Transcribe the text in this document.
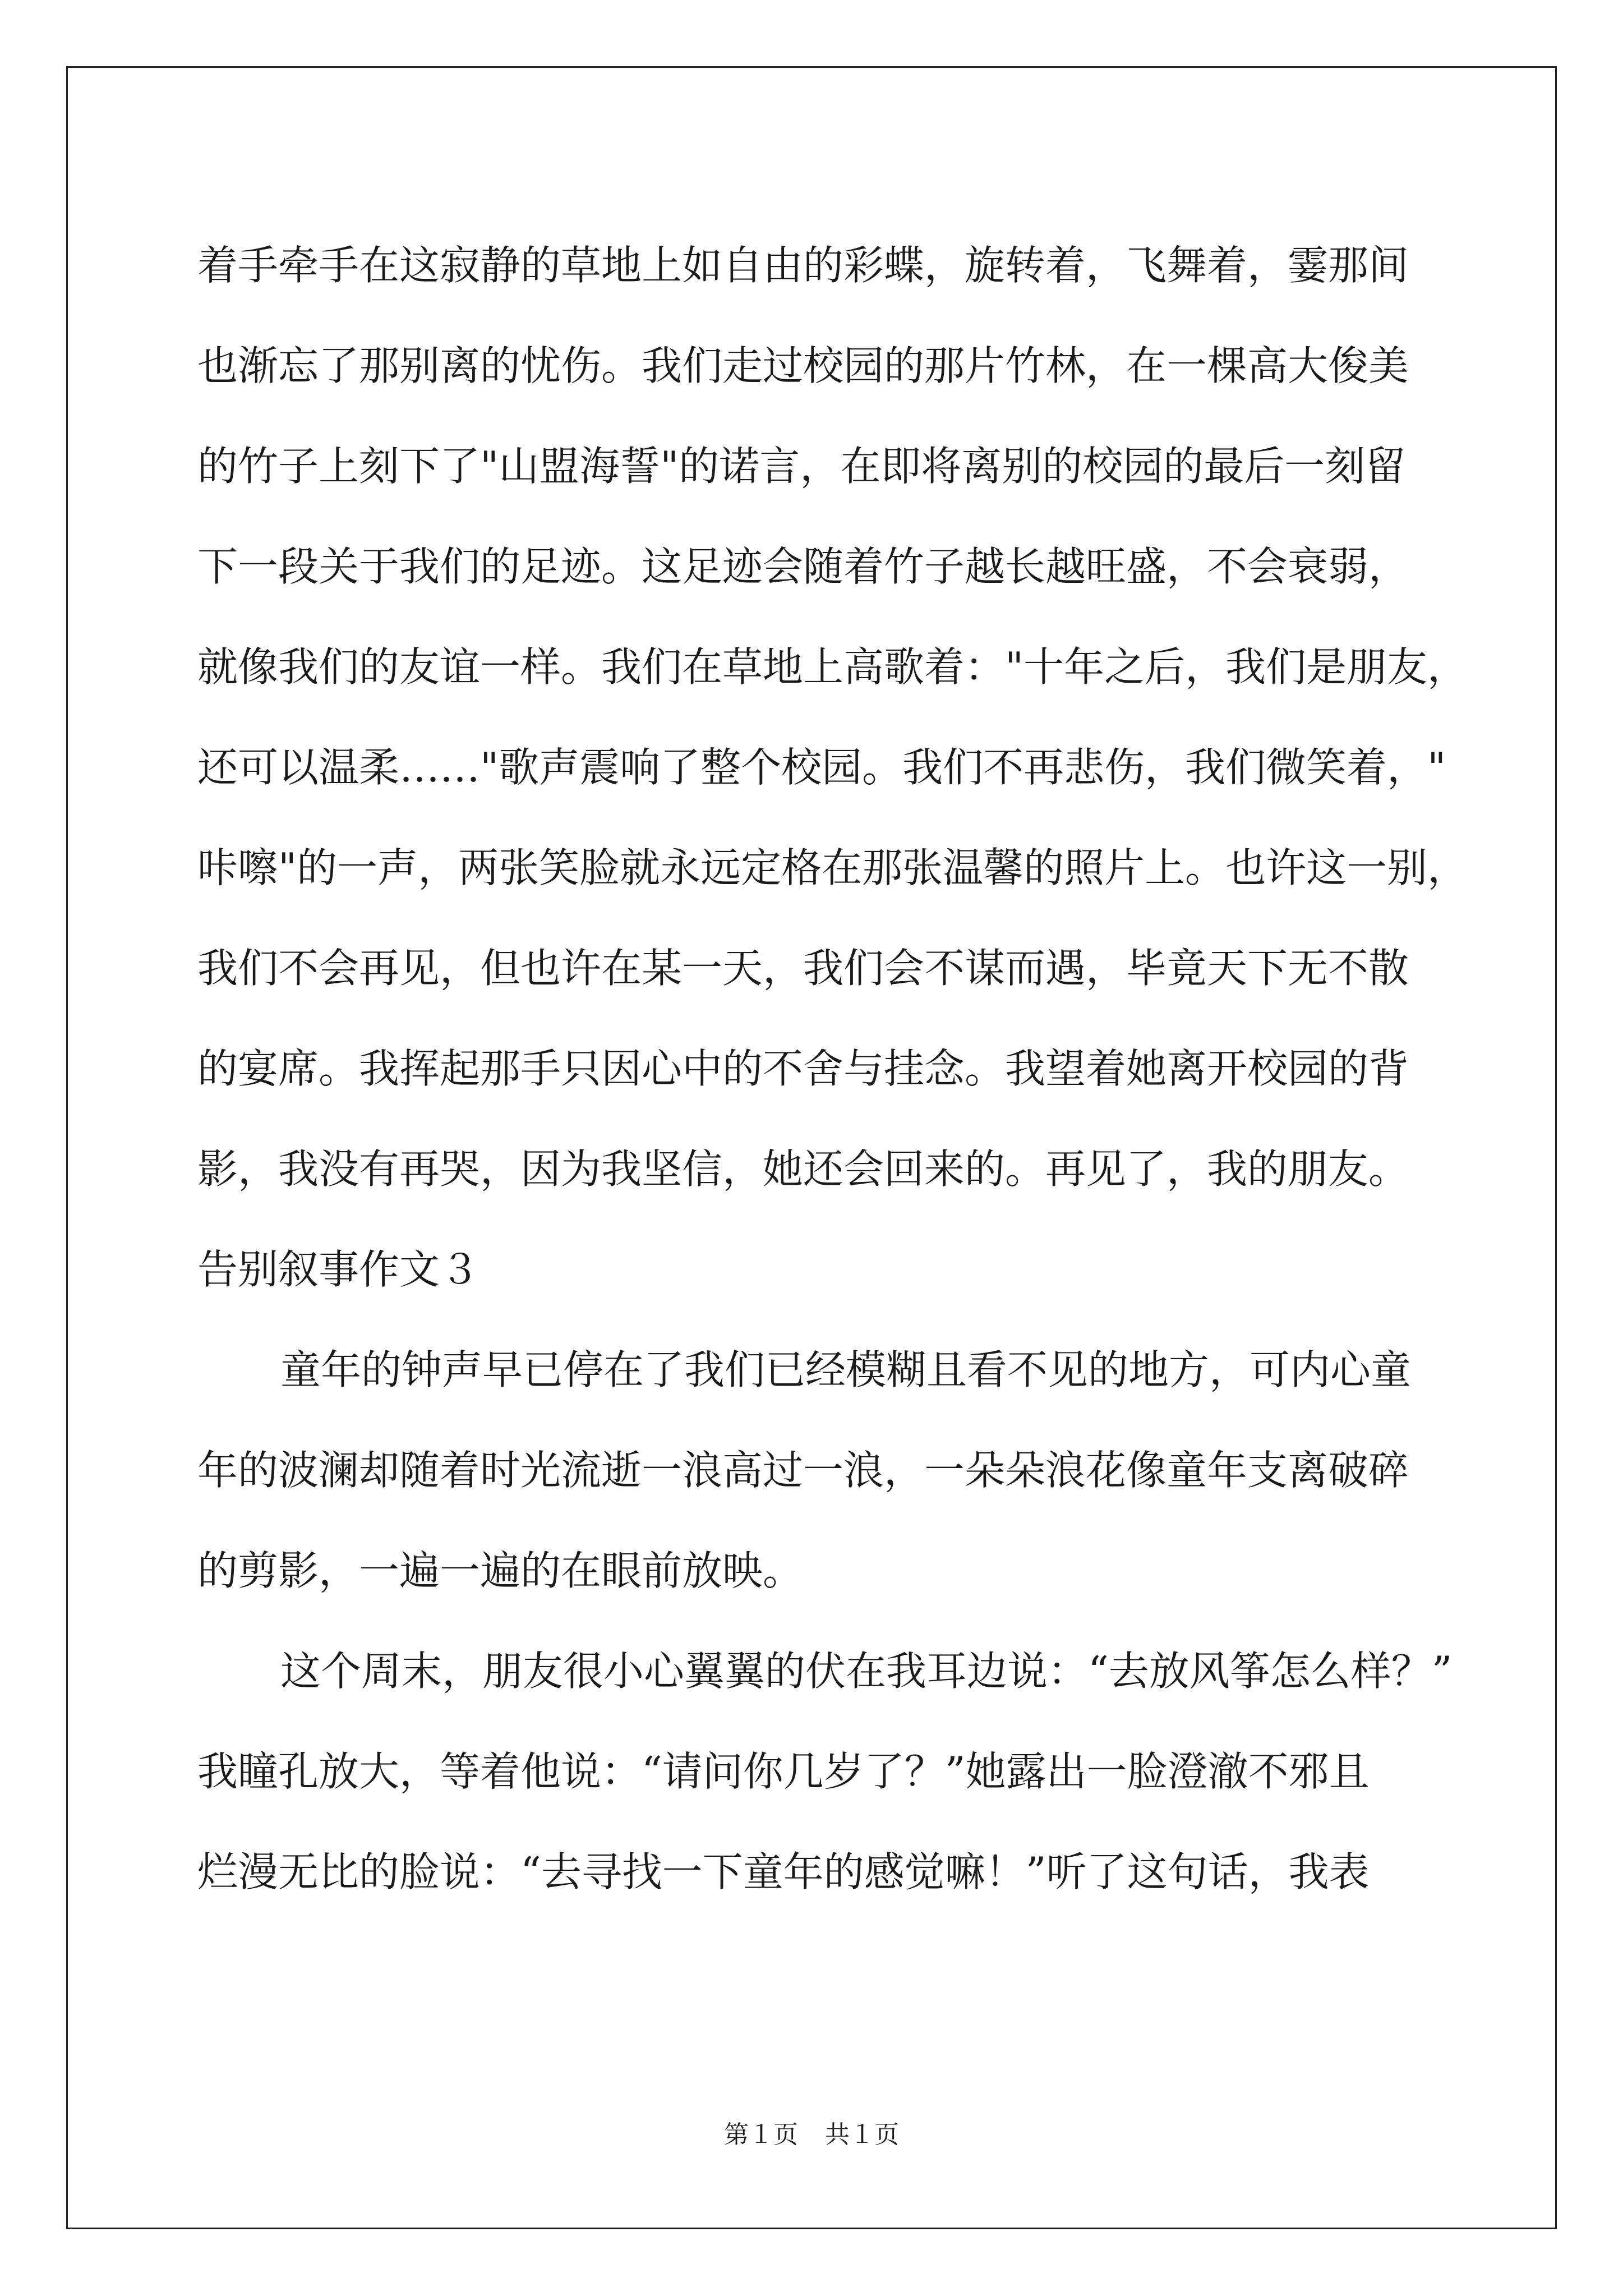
着手牵手在这寂静的草地上如自由的彩蝶，旋转着，飞舞着，霎那间
也渐忘了那别离的忧伤。我们走过校园的那片竹林，在一棵高大俊美
的竹子上刻下了"山盟海誓"的诺言，在即将离别的校园的最后一刻留
下一段关于我们的足迹。这足迹会随着竹子越长越旺盛，不会衰弱，
就像我们的友谊一样。我们在草地上高歌着："十年之后，我们是朋友，
还可以温柔……"歌声震响了整个校园。我们不再悲伤，我们微笑着，"
咔嚓"的一声，两张笑脸就永远定格在那张温馨的照片上。也许这一别，
我们不会再见，但也许在某一天，我们会不谋而遇，毕竟天下无不散
的宴席。我挥起那手只因心中的不舍与挂念。我望着她离开校园的背
影，我没有再哭，因为我坚信，她还会回来的。再见了，我的朋友。
告别叙事作文３
童年的钟声早已停在了我们已经模糊且看不见的地方，可内心童
年的波澜却随着时光流逝一浪高过一浪，一朵朵浪花像童年支离破碎
的剪影，一遍一遍的在眼前放映。
这个周末，朋友很小心翼翼的伏在我耳边说：“去放风筝怎么样？”
我瞳孔放大，等着他说：“请问你几岁了？”她露出一脸澄澈不邪且
烂漫无比的脸说：“去寻找一下童年的感觉嘛！”听了这句话，我表
第１页 共１页
